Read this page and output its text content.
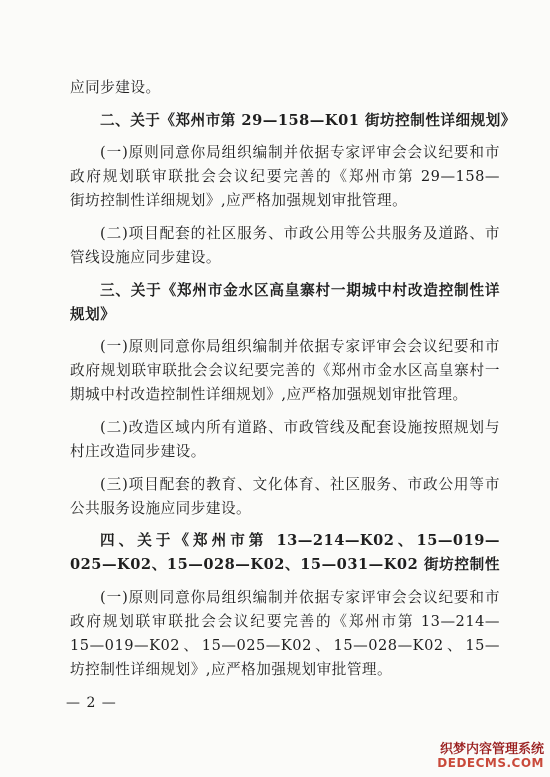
应同步建设。
二、关于《郑州市第 29—158—K01 街坊控制性详细规划》
(一)原则同意你局组织编制并依据专家评审会会议纪要和市
政府规划联审联批会会议纪要完善的《郑州市第 29—158—
街坊控制性详细规划》,应严格加强规划审批管理。
(二)项目配套的社区服务、市政公用等公共服务及道路、市
管线设施应同步建设。
三、关于《郑州市金水区高皇寨村一期城中村改造控制性详
规划》
(一)原则同意你局组织编制并依据专家评审会会议纪要和市
政府规划联审联批会会议纪要完善的《郑州市金水区高皇寨村一
期城中村改造控制性详细规划》,应严格加强规划审批管理。
(二)改造区域内所有道路、市政管线及配套设施按照规划与
村庄改造同步建设。
(三)项目配套的教育、文化体育、社区服务、市政公用等市
公共服务设施应同步建设。
四、关于《郑州市第 13—214—K02、15—019—
025—K02、15—028—K02、15—031—K02 街坊控制性
(一)原则同意你局组织编制并依据专家评审会会议纪要和市
政府规划联审联批会会议纪要完善的《郑州市第 13—214—
15—019—K02、15—025—K02、15—028—K02、15—
坊控制性详细规划》,应严格加强规划审批管理。
— 2 —
织梦内容管理系统
DEDECMS.COM
